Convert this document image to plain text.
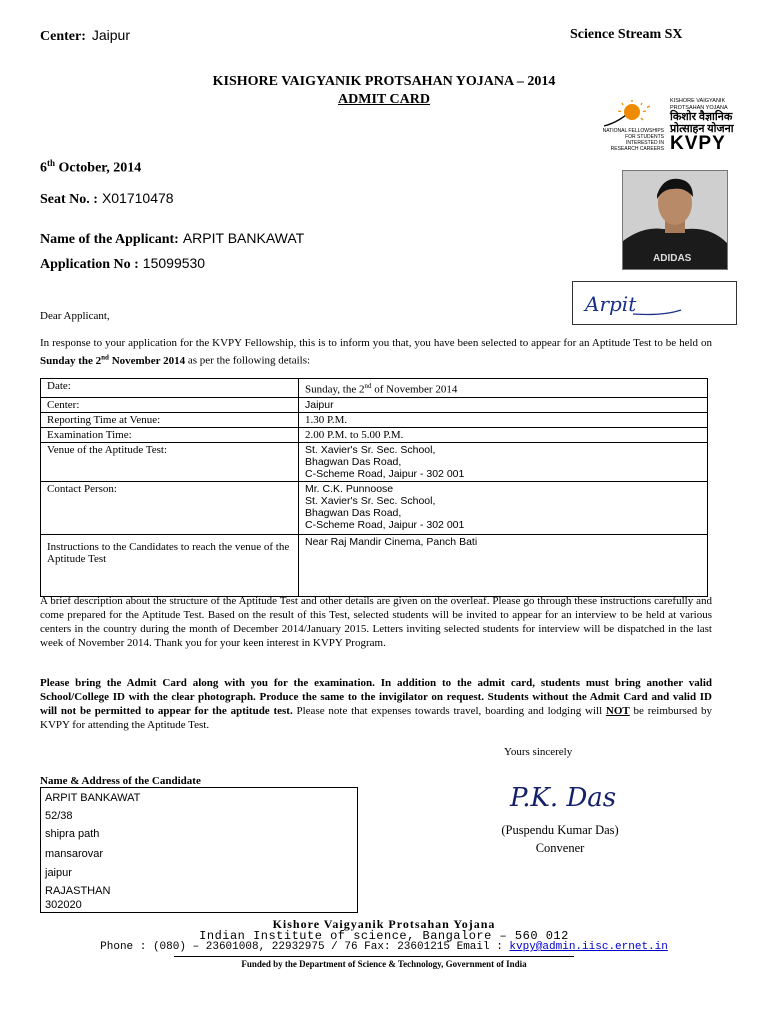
Center: Jaipur	Science Stream SX
KISHORE VAIGYANIK PROTSAHAN YOJANA – 2014
ADMIT CARD
NATIONAL FELLOWSHIPS FOR STUDENTS INTERESTED IN RESEARCH CAREERS
KISHORE VAIGYANIK PROTSAHAN YOJANA
किशोर वैज्ञानिक प्रोत्साहन योजना
KVPY
6th October, 2014
Seat No. : X01710478
Name of the Applicant: ARPIT BANKAWAT
Application No : 15099530	ADIDAS
Arpit
Dear Applicant,
In response to your application for the KVPY Fellowship, this is to inform you that, you have been selected to appear for an Aptitude Test to be held on Sunday the 2nd November 2014 as per the following details:
Date:	Sunday, the 2nd of November 2014
Center:	Jaipur
Reporting Time at Venue:	1.30 P.M.
Examination Time:	2.00 P.M. to 5.00 P.M.
Venue of the Aptitude Test:	St. Xavier's Sr. Sec. School,
Bhagwan Das Road,
C-Scheme Road, Jaipur - 302 001

Contact Person:	Mr. C.K. Punnoose
St. Xavier's Sr. Sec. School,
Bhagwan Das Road,
C-Scheme Road, Jaipur - 302 001

Instructions to the Candidates to reach the venue of the Aptitude Test	Near Raj Mandir Cinema, Panch Bati
A brief description about the structure of the Aptitude Test and other details are given on the overleaf. Please go through these instructions carefully and come prepared for the Aptitude Test. Based on the result of this Test, selected students will be invited to appear for an interview to be held at various centers in the country during the month of December 2014/January 2015. Letters inviting selected students for interview will be dispatched in the last week of November 2014. Thank you for your keen interest in KVPY Program.
Please bring the Admit Card along with you for the examination. In addition to the admit card, students must bring another valid School/College ID with the clear photograph. Produce the same to the invigilator on request. Students without the Admit Card and valid ID will not be permitted to appear for the aptitude test. Please note that expenses towards travel, boarding and lodging will NOT be reimbursed by KVPY for attending the Aptitude Test.
Yours sincerely
P.K. Das
(Puspendu Kumar Das)
Convener
Name & Address of the Candidate
ARPIT BANKAWAT
52/38
shipra path
mansarovar
jaipur
RAJASTHAN
302020
Kishore Vaigyanik Protsahan Yojana
Indian Institute of science, Bangalore – 560 012
Phone : (080) – 23601008, 22932975 / 76 Fax: 23601215 Email : kvpy@admin.iisc.ernet.in
Funded by the Department of Science & Technology, Government of India
